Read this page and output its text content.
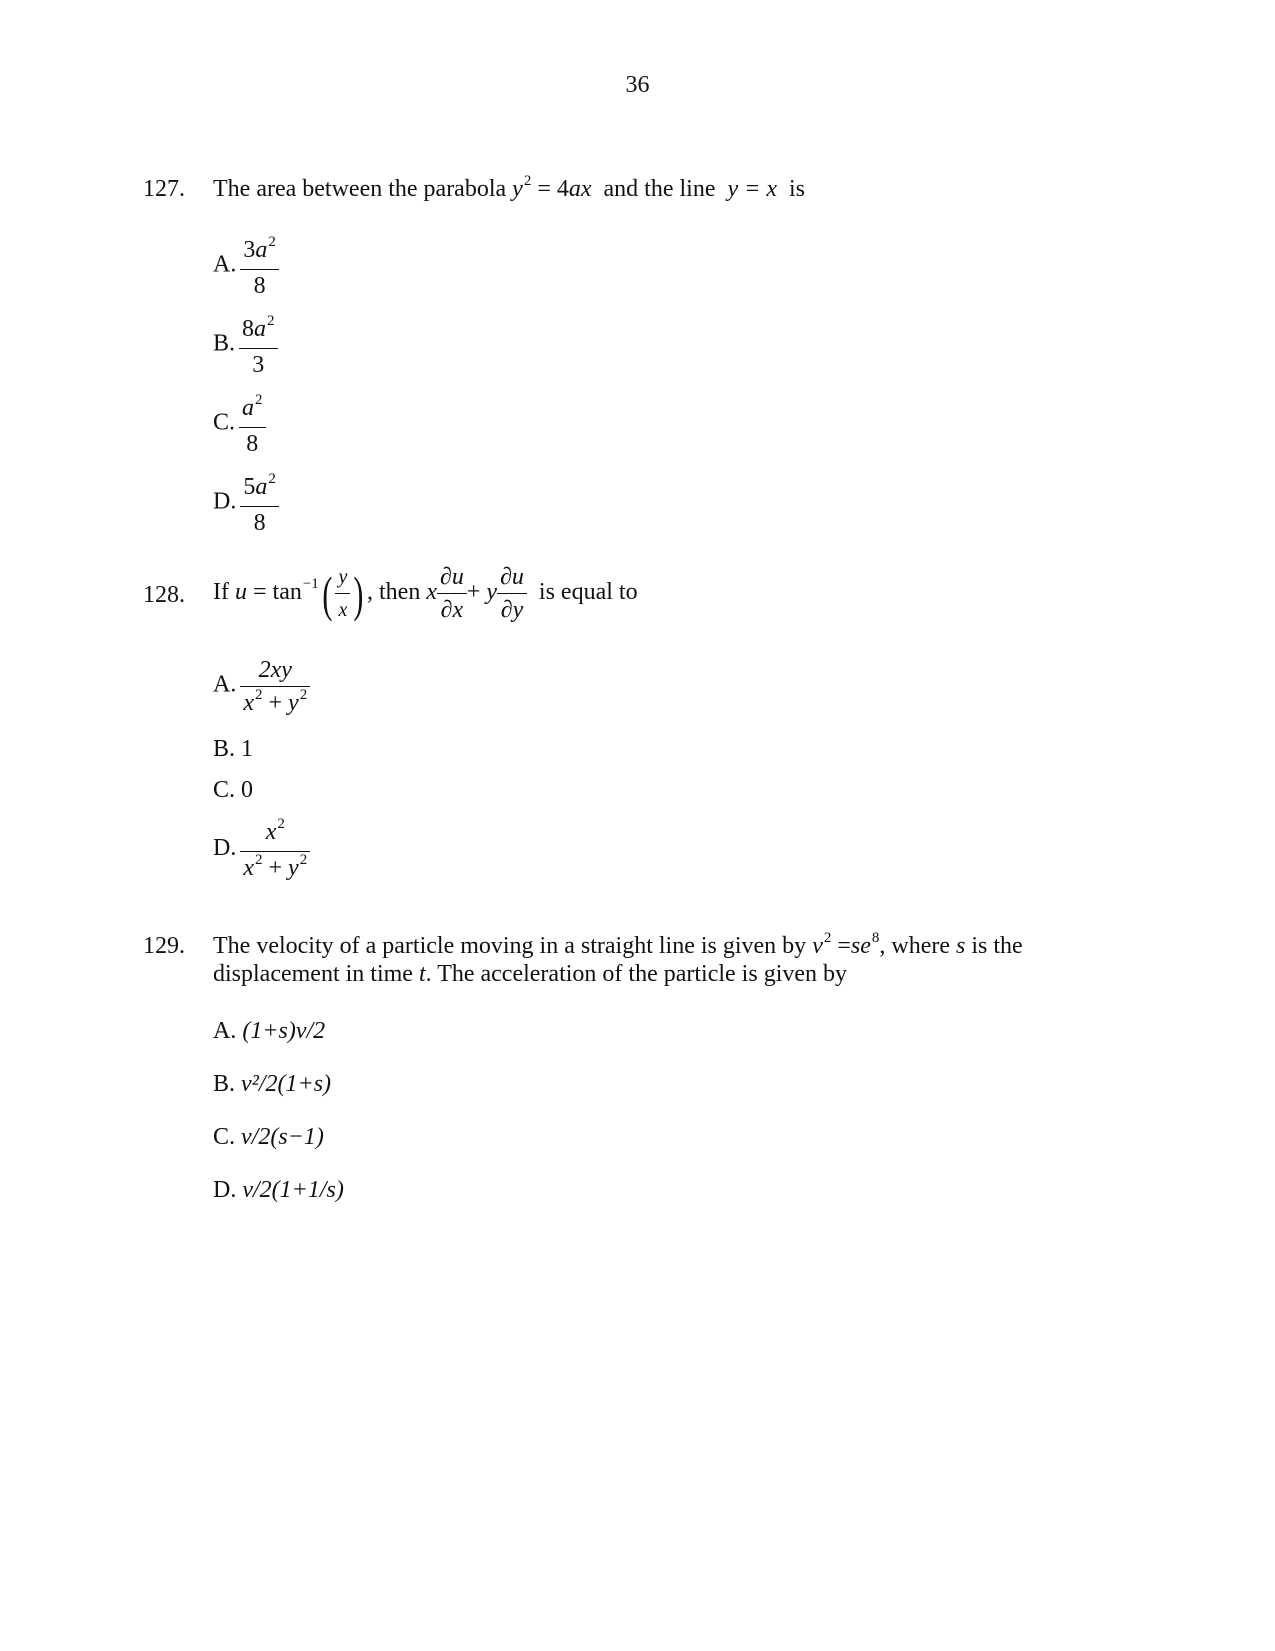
36
127. The area between the parabola $y^2 = 4ax$ and the line y = x is
A. $\frac{3a^2}{8}$
B. $\frac{8a^2}{3}$
C. $\frac{a^2}{8}$
D. $\frac{5a^2}{8}$
128. If $u = \tan^{-1}( \frac{y}{x}$ ) , then x $\frac{\partial u}{\partial x} + y \frac{\partial u}{\partial y}$ is equal to
A. $\frac{2xy}{x^2 + y^2}$
B. 1
C. 0
D. $\frac{x^2}{x^2 + y^2}$
129. The velocity of a particle moving in a straight line is given by $v^2 =se^8$, where s is the
displacement in time t. The acceleration of the particle is given by
A. (1+s)v/2
B. v²/2(1+s)
C. v/2(s−1)
D. v/2(1+1/s)
